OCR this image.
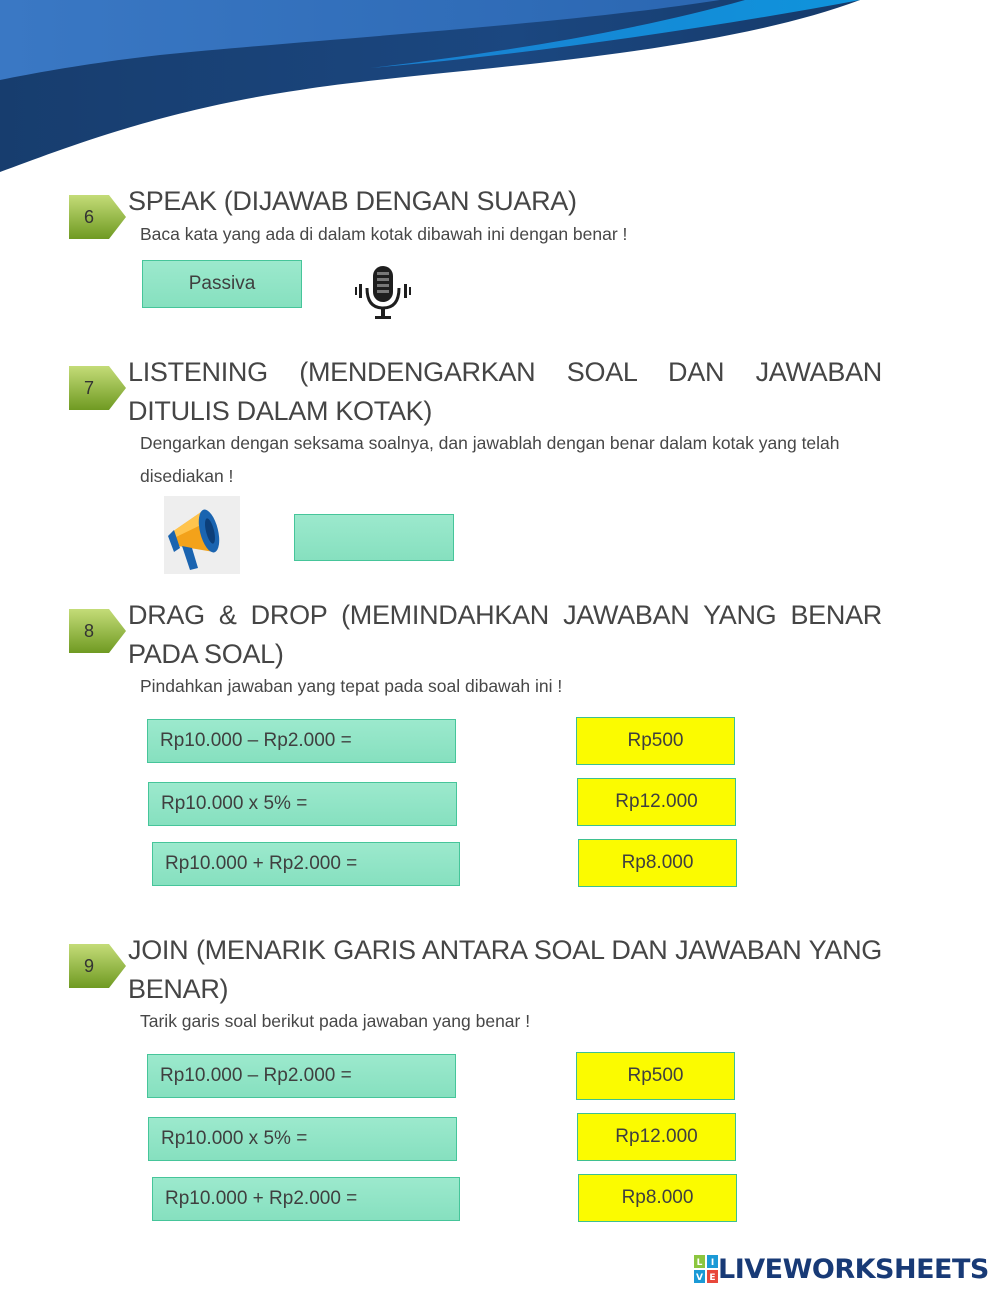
6
SPEAK (DIJAWAB DENGAN SUARA)
Baca kata yang ada di dalam kotak dibawah ini dengan benar !
Passiva
7
LISTENING (MENDENGARKAN SOAL DAN JAWABAN DITULIS DALAM KOTAK)
Dengarkan dengan seksama soalnya, dan jawablah dengan benar dalam kotak yang telah disediakan !
8
DRAG & DROP (MEMINDAHKAN JAWABAN YANG BENAR PADA SOAL)
Pindahkan jawaban yang tepat pada soal dibawah ini !
Rp10.000 – Rp2.000 =
Rp10.000 x 5% =
Rp10.000 + Rp2.000 =
Rp500
Rp12.000
Rp8.000
9
JOIN (MENARIK GARIS ANTARA SOAL DAN JAWABAN YANG BENAR)
Tarik garis soal berikut pada jawaban yang benar !
Rp10.000 – Rp2.000 =
Rp10.000 x 5% =
Rp10.000 + Rp2.000 =
Rp500
Rp12.000
Rp8.000
L I
V E LIVEWORKSHEETS
